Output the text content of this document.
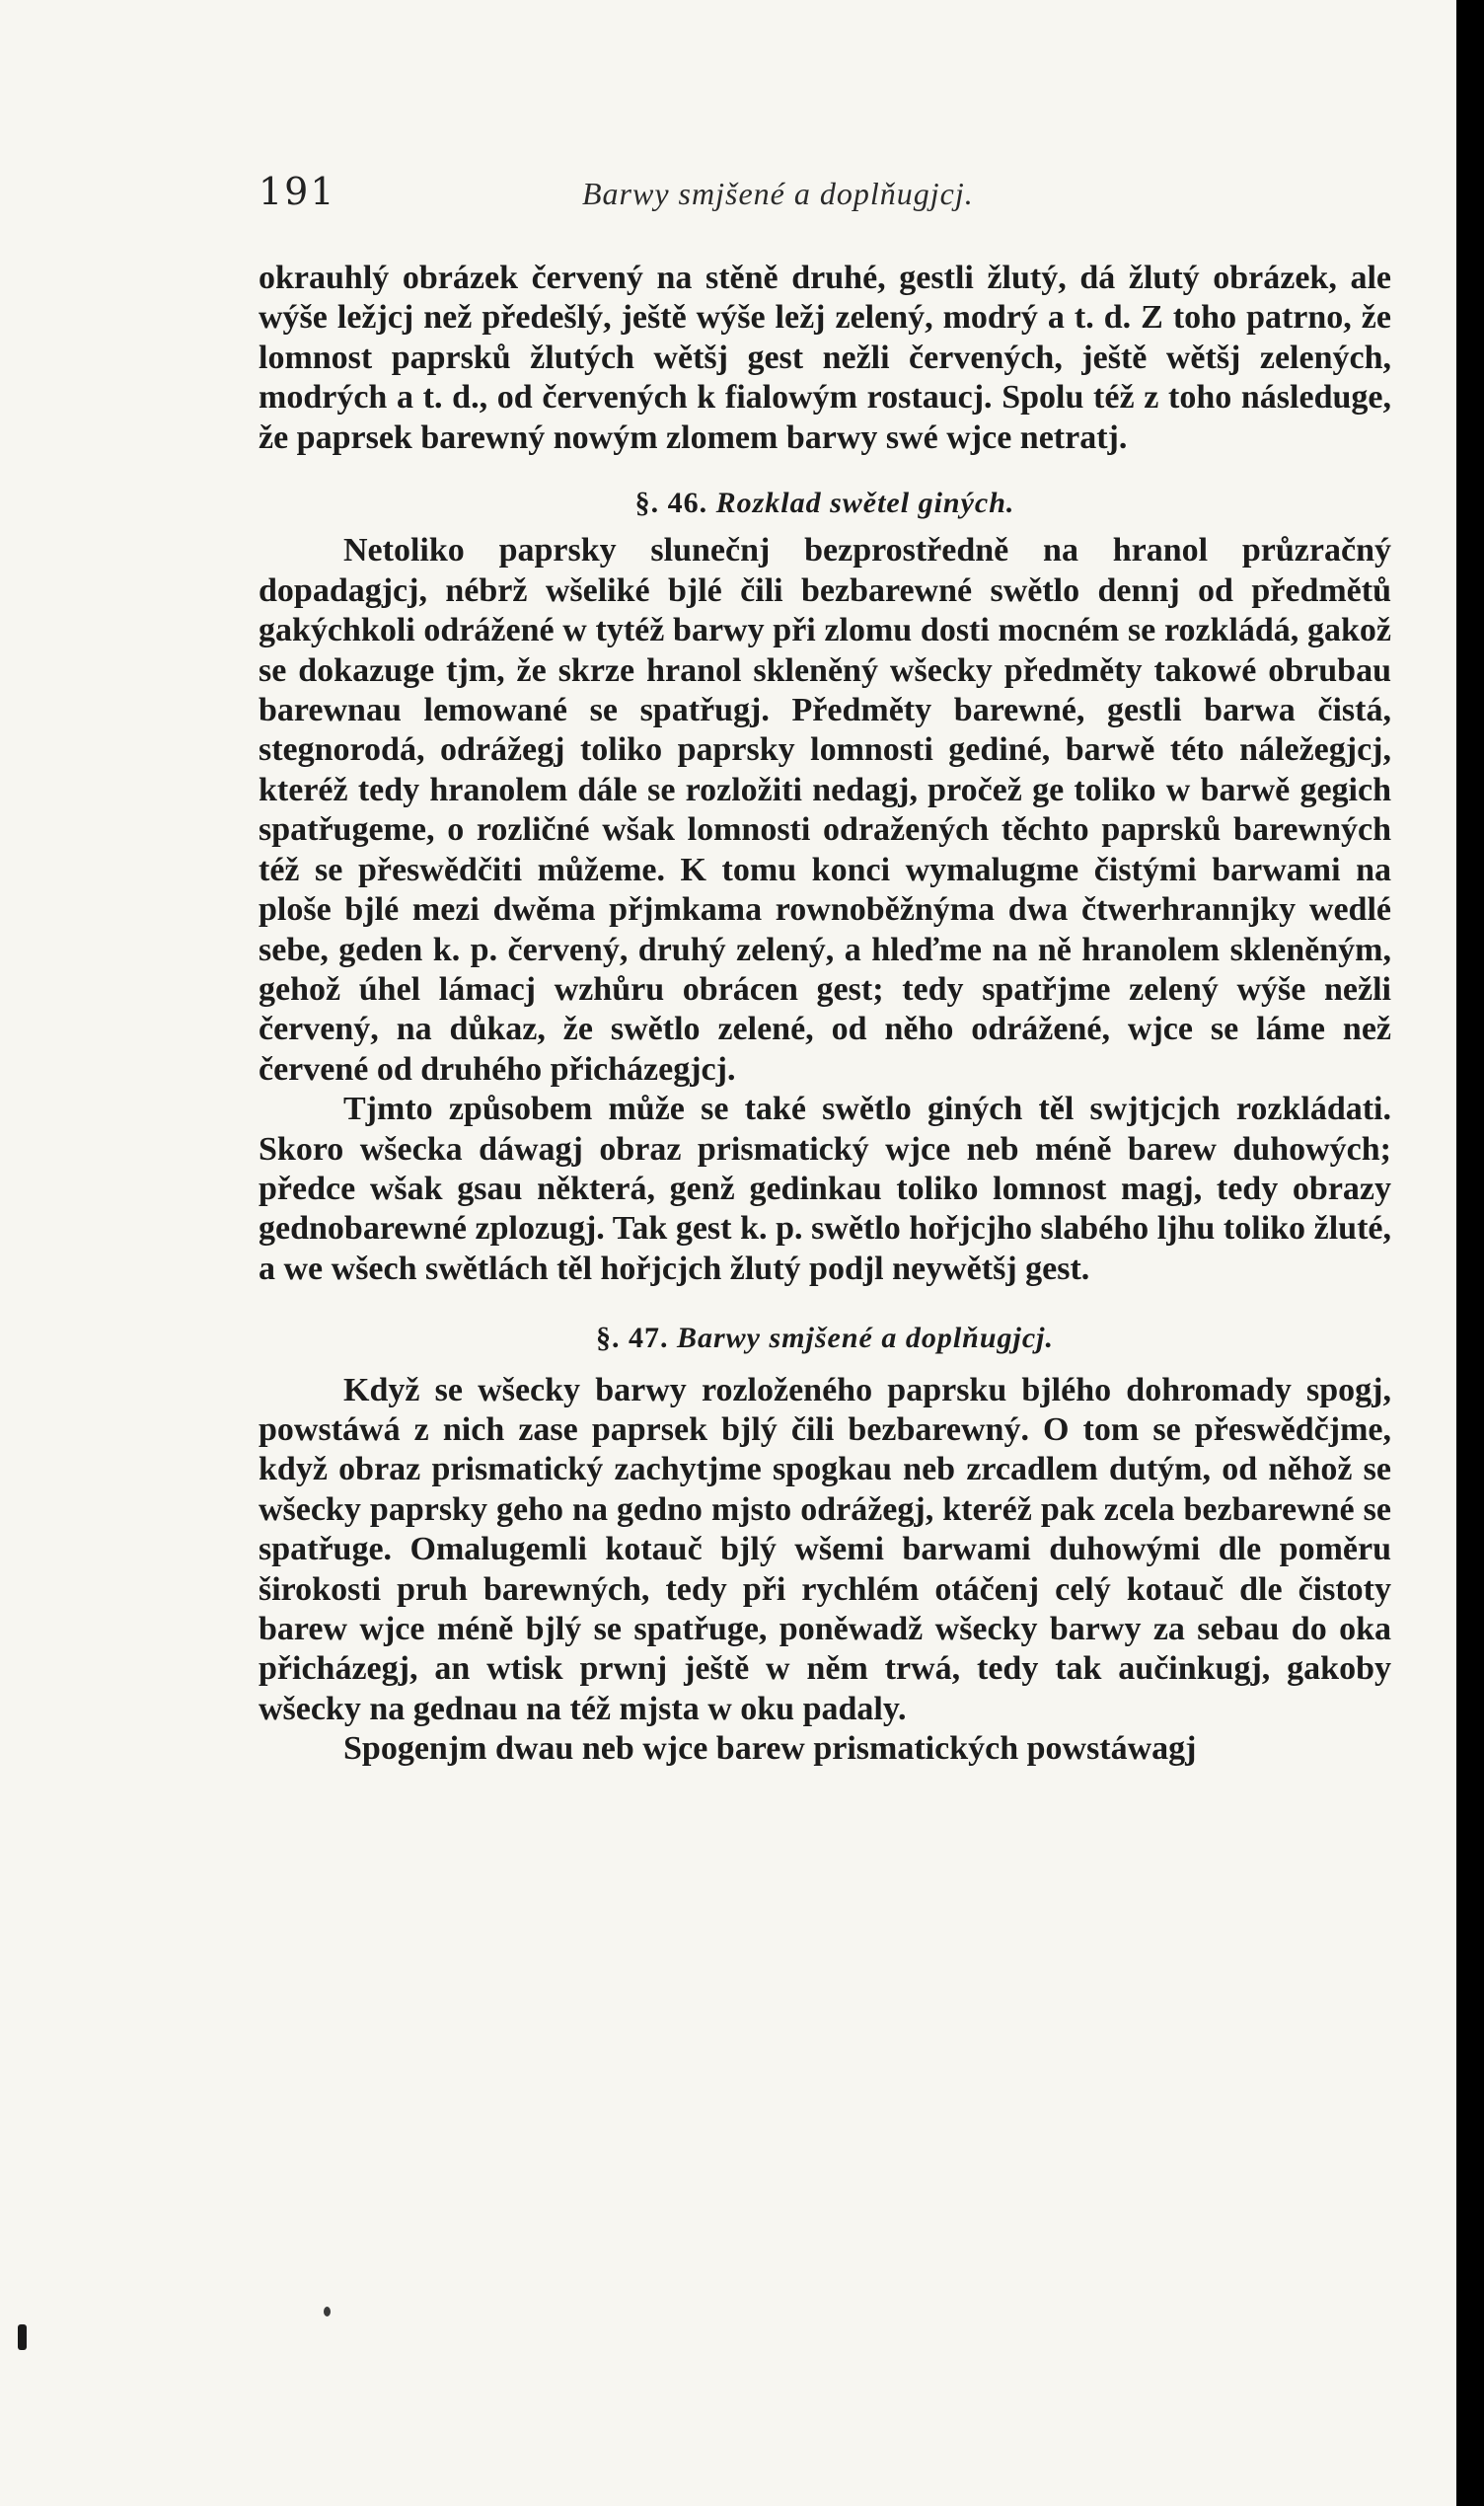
191	Barwy smjšené a doplňugjcj.

okrauhlý obrázek červený na stěně druhé, gestli žlutý, dá žlutý obrázek, ale wýše ležjcj než předešlý, ještě wýše ležj zelený, modrý a t. d. Z toho patrno, že lomnost paprsků žlutých wětšj gest nežli červených, ještě wětšj zelených, modrých a t. d., od červených k fialowým rostaucj. Spolu též z toho následuge, že paprsek barewný nowým zlomem barwy swé wjce netratj.

§. 46. Rozklad swětel giných.

Netoliko paprsky slunečnj bezprostředně na hranol průzračný dopadagjcj, nébrž wšeliké bjlé čili bezbarewné swětlo dennj od předmětů gakýchkoli odrážené w tytéž barwy při zlomu dosti mocném se rozkládá, gakož se dokazuge tjm, že skrze hranol skleněný wšecky předměty takowé obrubau barewnau lemowané se spatřugj. Předměty barewné, gestli barwa čistá, stegnorodá, odrážegj toliko paprsky lomnosti gediné, barwě této náležegjcj, kteréž tedy hranolem dále se rozložiti nedagj, pročež ge toliko w barwě gegich spatřugeme, o rozličné wšak lomnosti odražených těchto paprsků barewných též se přeswědčiti můžeme. K tomu konci wymalugme čistými barwami na ploše bjlé mezi dwěma přjmkama rownoběžnýma dwa čtwerhrannjky wedlé sebe, geden k. p. červený, druhý zelený, a hleďme na ně hranolem skleněným, gehož úhel lámacj wzhůru obrácen gest; tedy spatřjme zelený wýše nežli červený, na důkaz, že swětlo zelené, od něho odrážené, wjce se láme než červené od druhého přicházegjcj.

Tjmto způsobem může se také swětlo giných těl swjtjcjch rozkládati. Skoro wšecka dáwagj obraz prismatický wjce neb méně barew duhowých; předce wšak gsau některá, genž gedinkau toliko lomnost magj, tedy obrazy gednobarewné zplozugj. Tak gest k. p. swětlo hořjcjho slabého ljhu toliko žluté, a we wšech swětlách těl hořjcjch žlutý podjl neywětšj gest.

§. 47. Barwy smjšené a doplňugjcj.

Když se wšecky barwy rozloženého paprsku bjlého dohromady spogj, powstáwá z nich zase paprsek bjlý čili bezbarewný. O tom se přeswědčjme, když obraz prismatický zachytjme spogkau neb zrcadlem dutým, od něhož se wšecky paprsky geho na gedno mjsto odrážegj, kteréž pak zcela bezbarewné se spatřuge. Omalugemli kotauč bjlý wšemi barwami duhowými dle poměru širokosti pruh barewných, tedy při rychlém otáčenj celý kotauč dle čistoty barew wjce méně bjlý se spatřuge, poněwadž wšecky barwy za sebau do oka přicházegj, an wtisk prwnj ještě w něm trwá, tedy tak aučinkugj, gakoby wšecky na gednau na též mjsta w oku padaly.

Spogenjm dwau neb wjce barew prismatických powstáwagj
